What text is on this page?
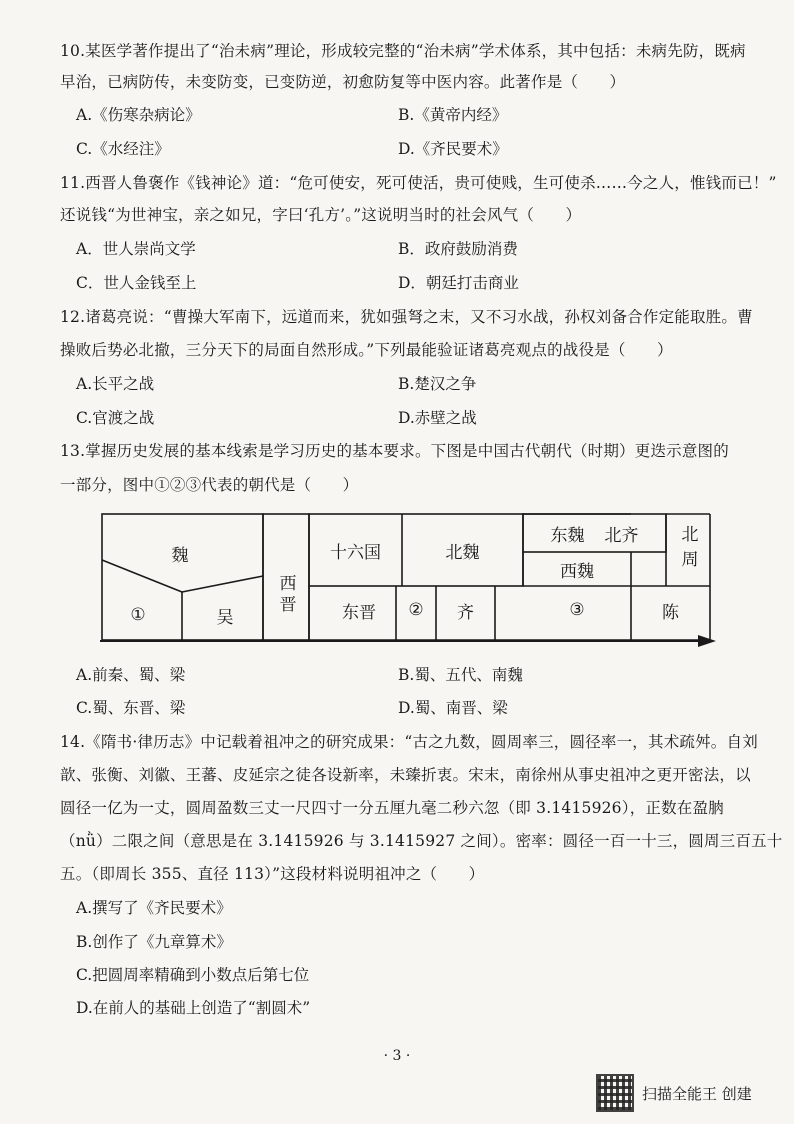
10.某医学著作提出了“治未病”理论，形成较完整的“治未病”学术体系，其中包括：未病先防，既病
早治，已病防传，未变防变，已变防逆，初愈防复等中医内容。此著作是（　　）
A.《伤寒杂病论》	B.《黄帝内经》
C.《水经注》	D.《齐民要术》
11.西晋人鲁褒作《钱神论》道：“危可使安，死可使活，贵可使贱，生可使杀……今之人，惟钱而已！”
还说钱“为世神宝，亲之如兄，字曰‘孔方’。”这说明当时的社会风气（　　）
A．世人崇尚文学	B．政府鼓励消费
C．世人金钱至上	D．朝廷打击商业
12.诸葛亮说：“曹操大军南下，远道而来，犹如强弩之末，又不习水战，孙权刘备合作定能取胜。曹
操败后势必北撤，三分天下的局面自然形成。”下列最能验证诸葛亮观点的战役是（　　）
A.长平之战	B.楚汉之争
C.官渡之战	D.赤壁之战
13.掌握历史发展的基本线索是学习历史的基本要求。下图是中国古代朝代（时期）更迭示意图的
一部分，图中①②③代表的朝代是（　　）
魏
①	吴
西晋
十六国	北魏
东晋	②	齐
东魏 北齐
西魏
③
北周
陈
A.前秦、蜀、梁	B.蜀、五代、南魏
C.蜀、东晋、梁	D.蜀、南晋、梁
14.《隋书·律历志》中记载着祖冲之的研究成果：“古之九数，圆周率三，圆径率一，其术疏舛。自刘
歆、张衡、刘徽、王蕃、皮延宗之徒各设新率，未臻折衷。宋末，南徐州从事史祖冲之更开密法，以
圆径一亿为一丈，圆周盈数三丈一尺四寸一分五厘九毫二秒六忽（即 3.1415926），正数在盈朒
（nǜ）二限之间（意思是在 3.1415926 与 3.1415927 之间）。密率：圆径一百一十三，圆周三百五十
五。（即周长 355、直径 113）”这段材料说明祖冲之（　　）
A.撰写了《齐民要术》
B.创作了《九章算术》
C.把圆周率精确到小数点后第七位
D.在前人的基础上创造了“割圆术”
· 3 ·
扫描全能王 创建
